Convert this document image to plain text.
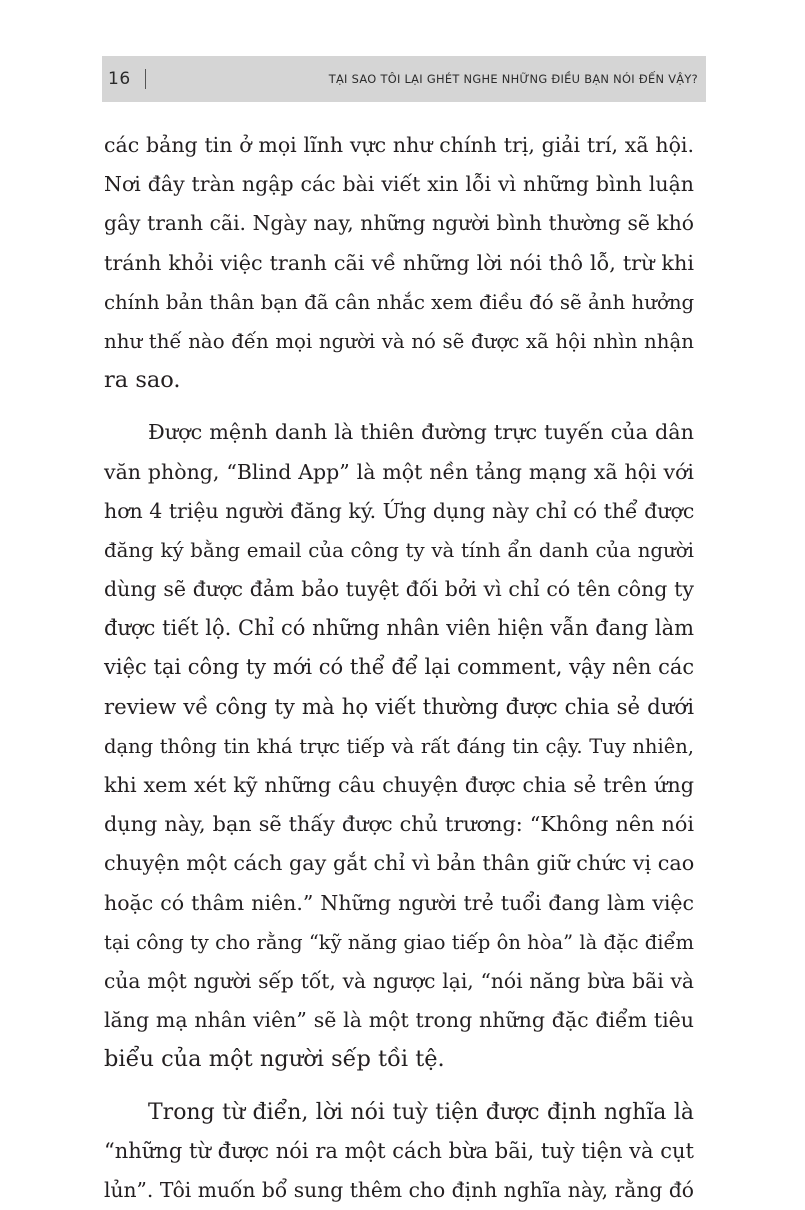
16	TẠI SAO TÔI LẠI GHÉT NGHE NHỮNG ĐIỀU BẠN NÓI ĐẾN VẬY?

các bảng tin ở mọi lĩnh vực như chính trị, giải trí, xã hội.
Nơi đây tràn ngập các bài viết xin lỗi vì những bình luận
gây tranh cãi. Ngày nay, những người bình thường sẽ khó
tránh khỏi việc tranh cãi về những lời nói thô lỗ, trừ khi
chính bản thân bạn đã cân nhắc xem điều đó sẽ ảnh hưởng
như thế nào đến mọi người và nó sẽ được xã hội nhìn nhận
ra sao.

Được mệnh danh là thiên đường trực tuyến của dân
văn phòng, “Blind App” là một nền tảng mạng xã hội với
hơn 4 triệu người đăng ký. Ứng dụng này chỉ có thể được
đăng ký bằng email của công ty và tính ẩn danh của người
dùng sẽ được đảm bảo tuyệt đối bởi vì chỉ có tên công ty
được tiết lộ. Chỉ có những nhân viên hiện vẫn đang làm
việc tại công ty mới có thể để lại comment, vậy nên các
review về công ty mà họ viết thường được chia sẻ dưới
dạng thông tin khá trực tiếp và rất đáng tin cậy. Tuy nhiên,
khi xem xét kỹ những câu chuyện được chia sẻ trên ứng
dụng này, bạn sẽ thấy được chủ trương: “Không nên nói
chuyện một cách gay gắt chỉ vì bản thân giữ chức vị cao
hoặc có thâm niên.” Những người trẻ tuổi đang làm việc
tại công ty cho rằng “kỹ năng giao tiếp ôn hòa” là đặc điểm
của một người sếp tốt, và ngược lại, “nói năng bừa bãi và
lăng mạ nhân viên” sẽ là một trong những đặc điểm tiêu
biểu của một người sếp tồi tệ.

Trong từ điển, lời nói tuỳ tiện được định nghĩa là
“những từ được nói ra một cách bừa bãi, tuỳ tiện và cụt
lủn”. Tôi muốn bổ sung thêm cho định nghĩa này, rằng đó
